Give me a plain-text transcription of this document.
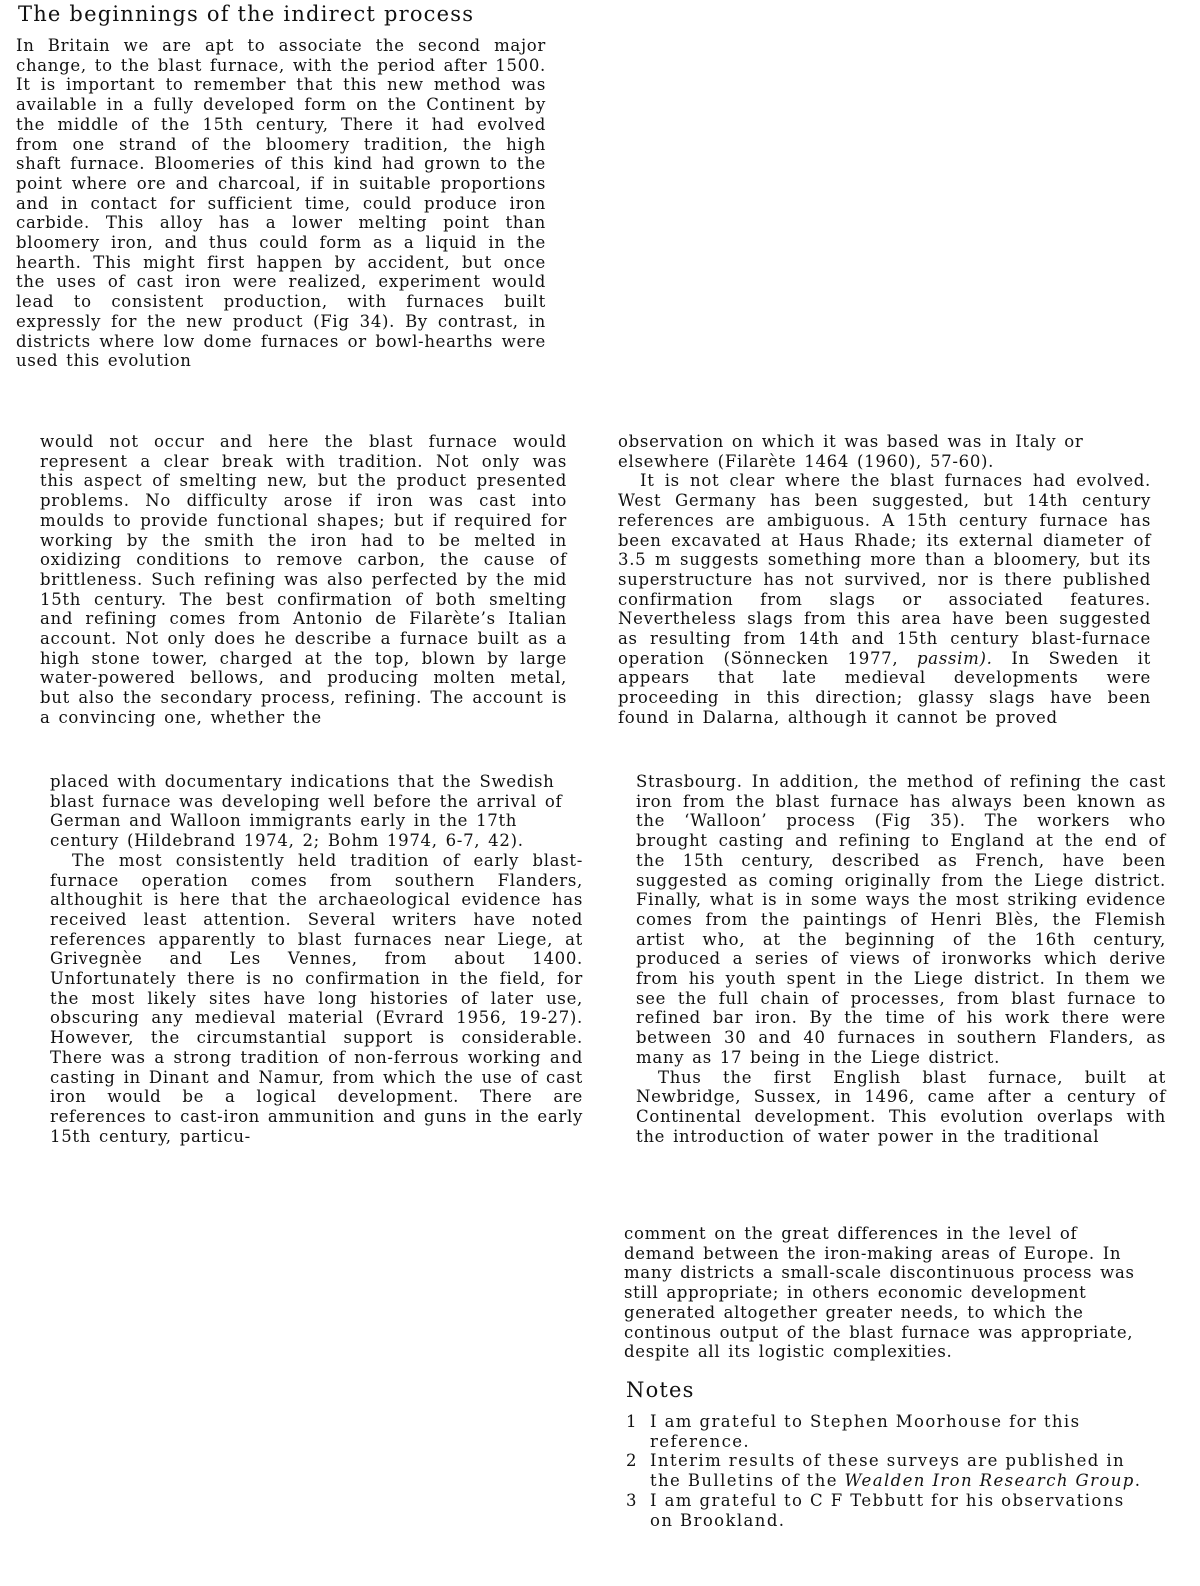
The beginnings of the indirect process

In Britain we are apt to associate the second major change, to the blast furnace, with the period after 1500. It is important to remember that this new method was available in a fully developed form on the Continent by the middle of the 15th century, There it had evolved from one strand of the bloomery tradition, the high shaft furnace. Bloomeries of this kind had grown to the point where ore and charcoal, if in suitable proportions and in contact for sufficient time, could produce iron carbide. This alloy has a lower melting point than bloomery iron, and thus could form as a liquid in the hearth. This might first happen by accident, but once the uses of cast iron were realized, experiment would lead to consistent production, with furnaces built expressly for the new product (Fig 34). By contrast, in districts where low dome furnaces or bowl-hearths were used this evolution

would not occur and here the blast furnace would represent a clear break with tradition. Not only was this aspect of smelting new, but the product presented problems. No difficulty arose if iron was cast into moulds to provide functional shapes; but if required for working by the smith the iron had to be melted in oxidizing conditions to remove carbon, the cause of brittleness. Such refining was also perfected by the mid 15th century. The best confirmation of both smelting and refining comes from Antonio de Filarète’s Italian account. Not only does he describe a furnace built as a high stone tower, charged at the top, blown by large water-powered bellows, and producing molten metal, but also the secondary process, refining. The account is a convincing one, whether the

observation on which it was based was in Italy or elsewhere (Filarète 1464 (1960), 57-60).

It is not clear where the blast furnaces had evolved. West Germany has been suggested, but 14th century references are ambiguous. A 15th century furnace has been excavated at Haus Rhade; its external diameter of 3.5 m suggests something more than a bloomery, but its superstructure has not survived, nor is there published confirmation from slags or associated features. Nevertheless slags from this area have been suggested as resulting from 14th and 15th century blast-furnace operation (Sönnecken 1977, passim). In Sweden it appears that late medieval developments were proceeding in this direction; glassy slags have been found in Dalarna, although it cannot be proved

placed with documentary indications that the Swedish blast furnace was developing well before the arrival of German and Walloon immigrants early in the 17th century (Hildebrand 1974, 2; Bohm 1974, 6-7, 42).

The most consistently held tradition of early blast-furnace operation comes from southern Flanders, althoughit is here that the archaeological evidence has received least attention. Several writers have noted references apparently to blast furnaces near Liege, at Grivegnèe and Les Vennes, from about 1400. Unfortunately there is no confirmation in the field, for the most likely sites have long histories of later use, obscuring any medieval material (Evrard 1956, 19-27). However, the circumstantial support is considerable. There was a strong tradition of non-ferrous working and casting in Dinant and Namur, from which the use of cast iron would be a logical development. There are references to cast-iron ammunition and guns in the early 15th century, particu-

Strasbourg. In addition, the method of refining the cast iron from the blast furnace has always been known as the ‘Walloon’ process (Fig 35). The workers who brought casting and refining to England at the end of the 15th century, described as French, have been suggested as coming originally from the Liege district. Finally, what is in some ways the most striking evidence comes from the paintings of Henri Blès, the Flemish artist who, at the beginning of the 16th century, produced a series of views of ironworks which derive from his youth spent in the Liege district. In them we see the full chain of processes, from blast furnace to refined bar iron. By the time of his work there were between 30 and 40 furnaces in southern Flanders, as many as 17 being in the Liege district.

Thus the first English blast furnace, built at Newbridge, Sussex, in 1496, came after a century of Continental development. This evolution overlaps with the introduction of water power in the traditional

comment on the great differences in the level of demand between the iron-making areas of Europe. In many districts a small-scale discontinuous process was still appropriate; in others economic development generated altogether greater needs, to which the continous output of the blast furnace was appropriate, despite all its logistic complexities.

Notes
1 I am grateful to Stephen Moorhouse for this reference.
2 Interim results of these surveys are published in the Bulletins of the Wealden Iron Research Group.
3 I am grateful to C F Tebbutt for his observations on Brookland.
